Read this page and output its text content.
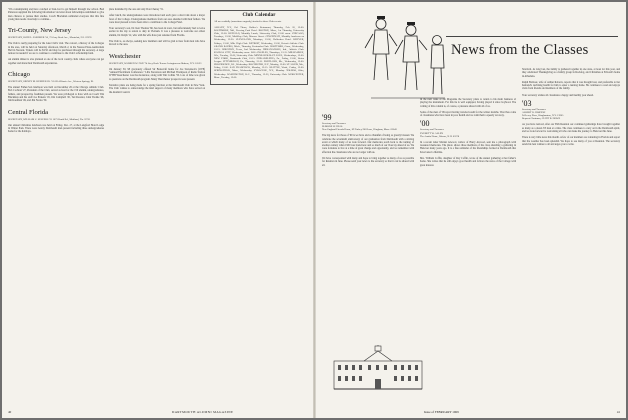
"I'm contemplating and have conched at Stan-ford to get himself through law school. Bud Patterson supplied the following information via letter about fellowships established to give men chances to pursue their studies. Coach Blackman reminded everyone that this fine young man needs class help to continue...

Tri-County, New Jersey

SECRETARY, JOHN L. PARDNER '56, 72 Gray Rock Ave., Montclair, N.J. 07076

The Club is really preparing for the Glee Club's visit. The concert, a history of the Colleges in the area, will be held on Saturday afternoon, March 2, in the Nassau Plaza-Auditorium Hall in Newark. Tickets will be $3.50 and may be purchased through the secretary. A large turnout is needed if we are to continue to contribute to the Club's scholarship fund.

An alumni dinner is also planned at one of the local country clubs where everyone can get together and share their Dartmouth experiences.

Chicago

SECRETARY, SIDNEY M. BURNER JR. '53 6314 Kinzie Ave., Western Springs, Ill.

The annual Father-Son luncheon was held on December 26 at the Chicago Athletic Club. Bob Cochran '27, President of the Club, served as host for the 150 alumni, undergraduates, fathers, and prospective freshmen present. We were privileged to have with us Coach Tim Blackman and his staff Joe Pickens '45, Jim Campbell '45, Ted Rossiter, John Tisdale '46, Jim Kaufman '49, and Jim Nocka '59.

Central Florida

SECRETARY, WILLIAM C. SELVERS '25 1073 Druid Rd., Maitland, Fla. 32751

Our annual Christmas luncheon was held on Friday, Dec. 27, at the Langford Hotel Lodge in Winter Park. There were twenty Dartmouth men present including three undergraduates home for the holidays.

plate furnished by the one and only Don Cheney '31.

After lunch, the undergraduates were introduced and each gave a short talk about a major facet of the College. Undergraduate members from our area attended with their fathers. We were most pleased to have been able to contribute to the College Fund.

Your secretary's son, Dr. Ken Thomas '66, has been in town, but unfortunately had to leave earlier in the day to return to duty in Vietnam. It was a pleasure to welcome our oldest alumni, Dr. Ralph '12, who with his wife have just returned from Florida.

The Club is, as always, seeking new members and will be glad to hear from men who have moved to the area.

Westchester

SECRETARY, WARREN W. FOX '74 Grey Rock Terrace Irvington-on-Hudson, N.Y. 10533

On January 30, 98 graciously offered Sir Bonecraft home for Joe Stevenson's (1978) "Annual Enrollment Conference." Lilla Stevenson and Michael Thompson of Radio Station WTHI Westchester was the moderator, along with Tim Collins '50. Lots of time was given to questions on the Dartmouth program. Many Westchester prospects were present.

Tentative plans are being made for a spring function at the Dartmouth Club in New York. The Club wishes to acknowledge the kind support of many members who have served on the Alumni Council.

Club Calendar

All are cordially (sometimes urgently) invited to these Club events:

ALBANY, N.Y., Del Thorn, Kahler's Restaurant, Thursday, Feb. 20, 12:00. BALTIMORE, Md., Deering Park Hotel. BOSTON, Mass., 1st Thursday, University Club, 12:00. BUFFALO, Monthly Lunch, University Club, 12:00 noon. CHICAGO, Tuesdays, 12:00, Mid-Day Club, Monroe Street. CINCINNATI, Monthly luncheon on Wednesday, 12:30. CLEVELAND, Mondays, 12:00, Hollenden Hotel. DENVER, Fridays, 12:00, Mile High Club. DETROIT, Wednesday, 12:00, Detroit Athletic Club. GRAND RAPIDS, Mich., Thursday, Peninsular Club. HARTFORD, Conn., Wednesday, 12:15. HOUSTON, Texas, 2nd Wednesday. INDIANAPOLIS, Ind., Athletic Club. KANSAS CITY, Wednesday noon. LOS ANGELES, Thursdays, 12:15. MILWAUKEE, Wis., Tuesday, 12:00, University Club. MINNEAPOLIS-ST. PAUL, Wednesdays, 12:00. NEW YORK, Dartmouth Club, 12:15. PHILADELPHIA, Pa., Friday, 12:00, Union League. PITTSBURGH, Pa., Thursday, 12:15. PORTLAND, Me., Wednesday, 12:00. PROVIDENCE, R.I., Wednesday. ROCHESTER, N.Y., Monday, 12:00. ST. LOUIS, Mo., Friday, 12:00. SAN FRANCISCO, Monday, 12:15. SEATTLE, Wash., Friday, 12:00. SPRINGFIELD, Mass., Wednesday. SYRACUSE, N.Y., Monday. TOLEDO, Ohio, Wednesday. WASHINGTON, D.C., Thursday, 12:30, University Club. WORCESTER, Mass., Tuesday, 12:00.

40	DARTMOUTH ALUMNI MAGAZINE
News from the Classes
'99

Secretary and Treasurer

ELMORE W. HEAL

New England Friends Home, 89 Turkey Hill Lane, Hingham, Mass. 02043

The big news for those of '99 is we have and so thankful of being so greatly blessed. We celebrate the seventieth anniversary of our graduation from Dartmouth with a stirring event at which many of us look forward. Our memories reach back to the turning of another century when 1900 was brand new and so much of our lives lay ahead of us. We were fortunate to live at a time of great change and opportunity, and we remember with affection the classmates who are no longer with us.

We have corresponded with many and hope to bring together as many of us as possible for Reunion in June. Please send your news to the secretary so that it can be shared with all.

In the next issue of the Magazine the Secretary plans to return to his main business of playing the instrument. For this he is well equipped, having played it since boyhood. The writing of this column is, of course, a pleasure shared with all of us.

Some of the men of '99 report having traveled south for the winter months. Word has come of classmates who have been in poor health and we wish them a speedy recovery.

'00

Secretary and Treasurer

EVERETT W. ALLEN

The Austin Home, Warner, N.H. 03278

In a recent letter Marian Atwood, widow of Harry Atwood, sent me a photograph with treasured memories. The photo shows three members of the class attending a gathering in Hanover many years ago. It is a fine reminder of the friendships formed at Dartmouth that have lasted a lifetime.

Mrs. William Coffin, daughter of Ray Coffin, wrote of the annual gathering at her father's home. She writes that he still enjoys good health and follows the news of the College with great interest.

Stratford. At long last, the family is gathered together in one state, at least for this year, and they celebrated Thanksgiving as a family group in Rockfog, and Christmas at Edward's home in Alhadena.

Ralph Barbour, wife of Arthur Roberts, reports that it was thought best, and preferable to her husband's declining health for him to enter a nursing home. He continues to read and enjoys visits from friends and members of the family.

Your secretary wishes all classmates a happy and healthy year ahead.

'03

Secretary and Treasurer

ALBERT R. HORTON

94 Leroy Place, Binghamton, N.Y. 13905

Bequest Chairman, CLINT B. HOWE

As you have noticed, after our 65th Reunion our continued gatherings have brought together as many as a dozen '03 men at a time. The class continues to carry on in the Dartmouth spirit, and we look forward to welcoming all who can make the journey to Hanover this June.

There is very little news this month. A few of our members are wintering in Florida and report that the weather has been splendid. We hope to see many of you at Reunion. The secretary sends his best wishes to all and urges you to write.

Issue of FEBRUARY 1969	41
